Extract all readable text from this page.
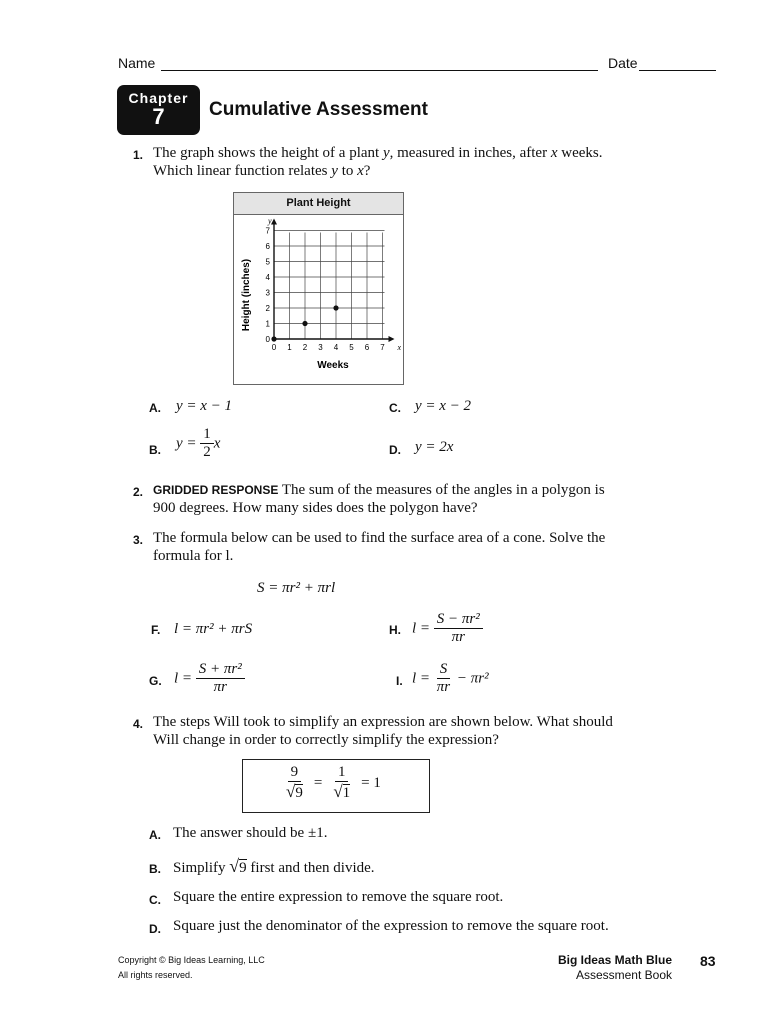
Name	Date
Chapter
7	Cumulative Assessment
1. The graph shows the height of a plant y, measured in inches, after x weeks.
Which linear function relates y to x?
Plant Height
Height (inches)
Weeks
0 1 2 3 4 5 6 7
0
1
2
3
4
5
6
7
x
y
A. y = x − 1	C. y = x − 2
B. $y = \frac{1}{2}$ x	D. y = 2x
2. GRIDDED RESPONSE The sum of the measures of the angles in a polygon is
900 degrees. How many sides does the polygon have?
3. The formula below can be used to find the surface area of a cone. Solve the
formula for l.
S = πr² + πrl
F. l = πr² + πrS	H. $l = \frac{\text{S − πr²}}{\pi r}$
G. $l = \frac{\text{S + πr²}}{\pi r}$	I. $l = \frac{S}{\pi r} - \pi r^2$
4. The steps Will took to simplify an expression are shown below. What should
Will change in order to correctly simplify the expression?
$\frac{9}{√9} = \frac{1}{√1} = 1$
A. The answer should be ±1.
B. Simplify √9 first and then divide.
C. Square the entire expression to remove the square root.
D. Square just the denominator of the expression to remove the square root.
Copyright © Big Ideas Learning, LLC
All rights reserved.
Big Ideas Math Blue
Assessment Book
83
